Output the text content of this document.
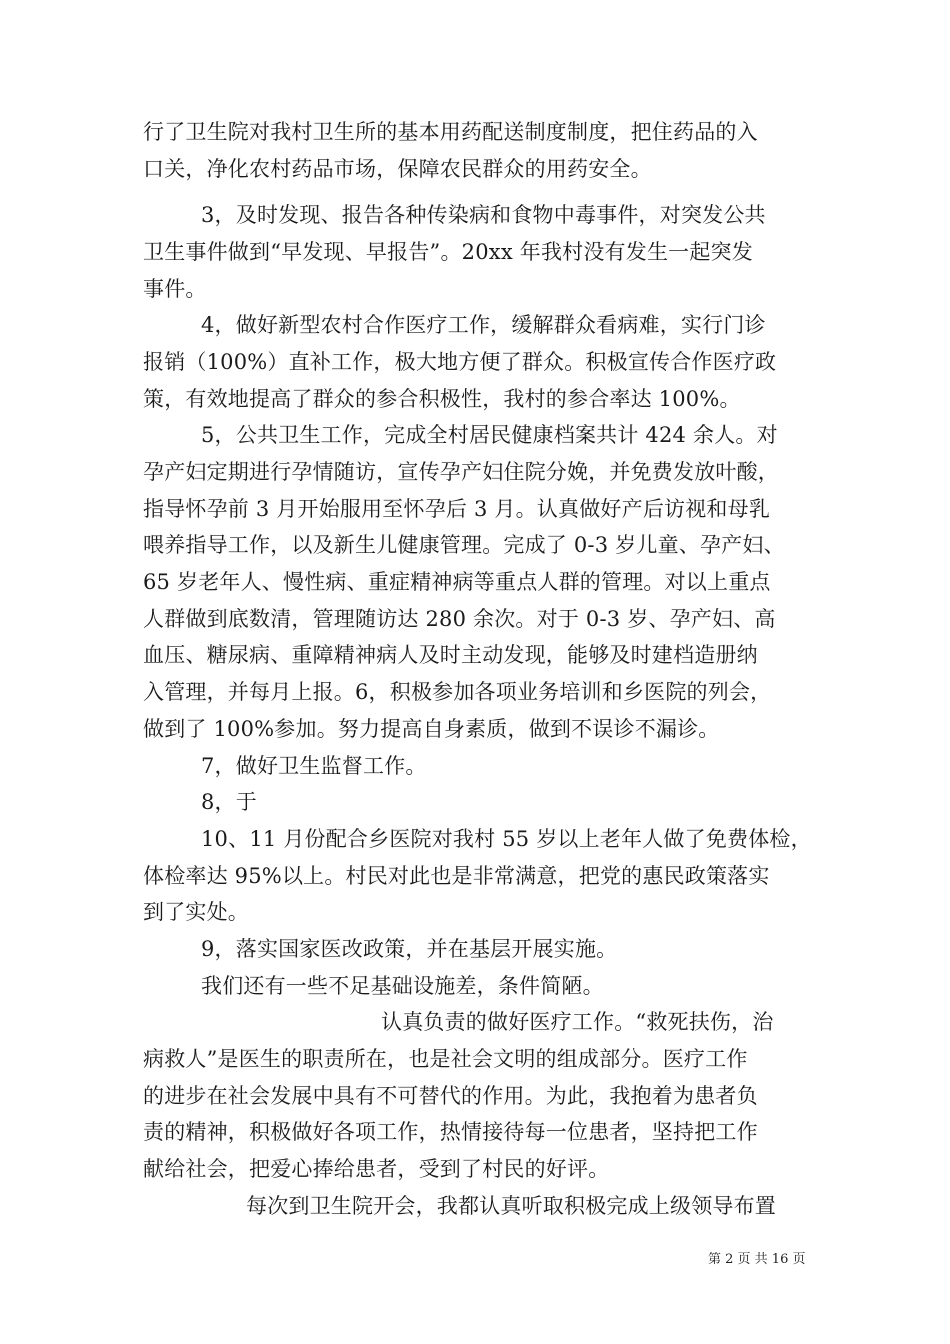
行了卫生院对我村卫生所的基本用药配送制度制度，把住药品的入
口关，净化农村药品市场，保障农民群众的用药安全。
3，及时发现、报告各种传染病和食物中毒事件，对突发公共
卫生事件做到“早发现、早报告”。20xx 年我村没有发生一起突发
事件。
4，做好新型农村合作医疗工作，缓解群众看病难，实行门诊
报销（100%）直补工作，极大地方便了群众。积极宣传合作医疗政
策，有效地提高了群众的参合积极性，我村的参合率达 100%。
5，公共卫生工作，完成全村居民健康档案共计 424 余人。对
孕产妇定期进行孕情随访，宣传孕产妇住院分娩，并免费发放叶酸，
指导怀孕前 3 月开始服用至怀孕后 3 月。认真做好产后访视和母乳
喂养指导工作，以及新生儿健康管理。完成了 0-3 岁儿童、孕产妇、
65 岁老年人、慢性病、重症精神病等重点人群的管理。对以上重点
人群做到底数清，管理随访达 280 余次。对于 0-3 岁、孕产妇、高
血压、糖尿病、重障精神病人及时主动发现，能够及时建档造册纳
入管理，并每月上报。6，积极参加各项业务培训和乡医院的列会，
做到了 100%参加。努力提高自身素质，做到不误诊不漏诊。
7，做好卫生监督工作。
8，于
10、11 月份配合乡医院对我村 55 岁以上老年人做了免费体检，
体检率达 95%以上。村民对此也是非常满意，把党的惠民政策落实
到了实处。
9，落实国家医改政策，并在基层开展实施。
我们还有一些不足基础设施差，条件简陋。
认真负责的做好医疗工作。“救死扶伤，治
病救人”是医生的职责所在，也是社会文明的组成部分。医疗工作
的进步在社会发展中具有不可替代的作用。为此，我抱着为患者负
责的精神，积极做好各项工作，热情接待每一位患者，坚持把工作
献给社会，把爱心捧给患者，受到了村民的好评。
每次到卫生院开会，我都认真听取积极完成上级领导布置
第 2 页 共 16 页
